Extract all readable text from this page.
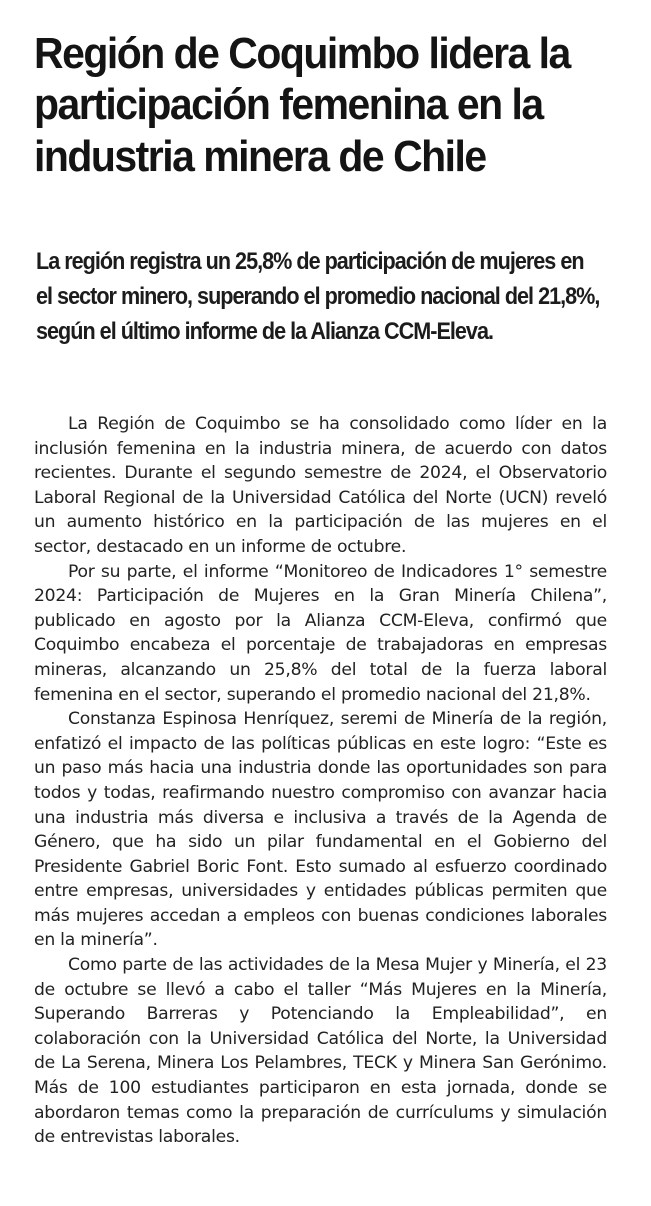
Región de Coquimbo lidera la participación femenina en la industria minera de Chile
La región registra un 25,8% de participación de mujeres en el sector minero, superando el promedio nacional del 21,8%, según el último informe de la Alianza CCM-Eleva.

La Región de Coquimbo se ha consolidado como líder en la inclusión femenina en la industria minera, de acuerdo con datos recientes. Durante el segundo semestre de 2024, el Observatorio Laboral Regional de la Universidad Católica del Norte (UCN) reveló un aumento histórico en la participación de las mujeres en el sector, destacado en un informe de octubre.

Por su parte, el informe “Monitoreo de Indicadores 1° semestre 2024: Participación de Mujeres en la Gran Minería Chilena”, publicado en agosto por la Alianza CCM-Eleva, confirmó que Coquimbo encabeza el porcentaje de trabajadoras en empresas mineras, alcanzando un 25,8% del total de la fuerza laboral femenina en el sector, superando el promedio nacional del 21,8%.

Constanza Espinosa Henríquez, seremi de Minería de la región, enfatizó el impacto de las políticas públicas en este logro: “Este es un paso más hacia una industria donde las oportunidades son para todos y todas, reafirmando nuestro compromiso con avanzar hacia una industria más diversa e inclusiva a través de la Agenda de Género, que ha sido un pilar fundamental en el Gobierno del Presidente Gabriel Boric Font. Esto sumado al esfuerzo coordinado entre empresas, universidades y entidades públicas permiten que más mujeres accedan a empleos con buenas condiciones laborales en la minería”.

Como parte de las actividades de la Mesa Mujer y Minería, el 23 de octubre se llevó a cabo el taller “Más Mujeres en la Minería, Superando Barreras y Potenciando la Empleabilidad”, en colaboración con la Universidad Católica del Norte, la Universidad de La Serena, Minera Los Pelambres, TECK y Minera San Gerónimo. Más de 100 estudiantes participaron en esta jornada, donde se abordaron temas como la preparación de currículums y simulación de entrevistas laborales.
